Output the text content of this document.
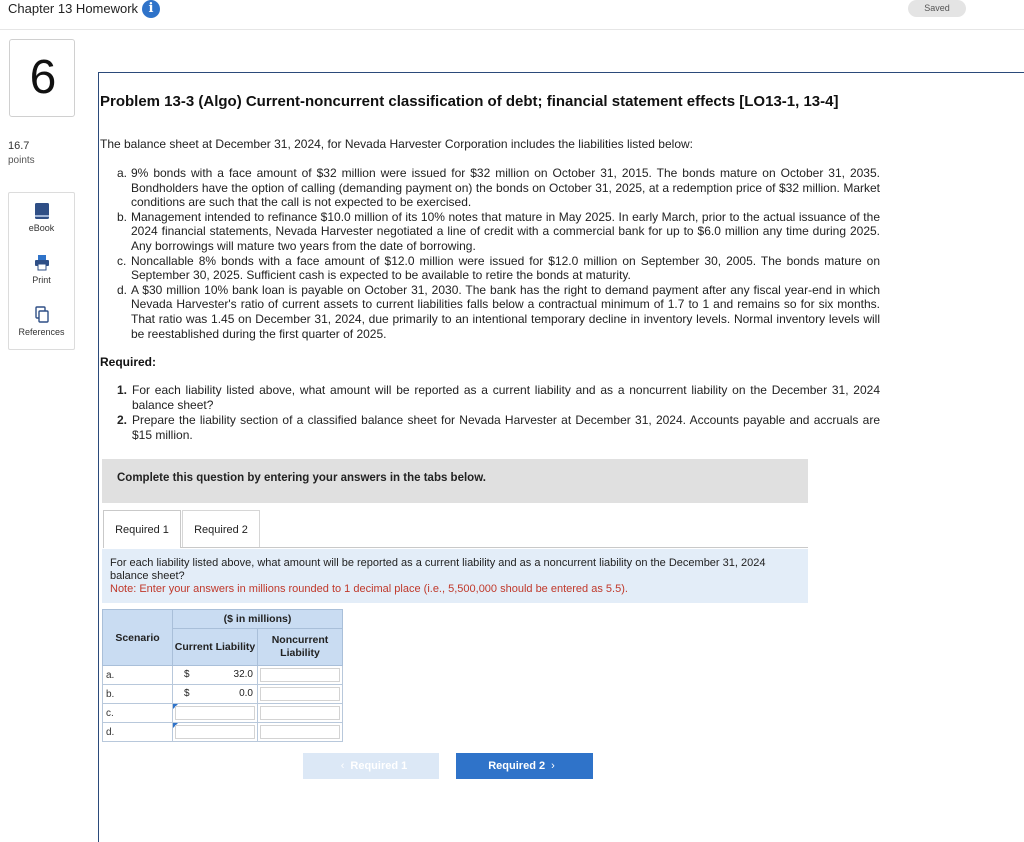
Chapter 13 Homework i	Saved
6
16.7
points
eBook
Print
References
Problem 13-3 (Algo) Current-noncurrent classification of debt; financial statement effects [LO13-1, 13-4]

The balance sheet at December 31, 2024, for Nevada Harvester Corporation includes the liabilities listed below:

a. 9% bonds with a face amount of $32 million were issued for $32 million on October 31, 2015. The bonds mature on October 31, 2035. Bondholders have the option of calling (demanding payment on) the bonds on October 31, 2025, at a redemption price of $32 million. Market conditions are such that the call is not expected to be exercised.
b. Management intended to refinance $10.0 million of its 10% notes that mature in May 2025. In early March, prior to the actual issuance of the 2024 financial statements, Nevada Harvester negotiated a line of credit with a commercial bank for up to $6.0 million any time during 2025. Any borrowings will mature two years from the date of borrowing.
c. Noncallable 8% bonds with a face amount of $12.0 million were issued for $12.0 million on September 30, 2005. The bonds mature on September 30, 2025. Sufficient cash is expected to be available to retire the bonds at maturity.
d. A $30 million 10% bank loan is payable on October 31, 2030. The bank has the right to demand payment after any fiscal year-end in which Nevada Harvester's ratio of current assets to current liabilities falls below a contractual minimum of 1.7 to 1 and remains so for six months. That ratio was 1.45 on December 31, 2024, due primarily to an intentional temporary decline in inventory levels. Normal inventory levels will be reestablished during the first quarter of 2025.
Required:
1. For each liability listed above, what amount will be reported as a current liability and as a noncurrent liability on the December 31, 2024 balance sheet?
2. Prepare the liability section of a classified balance sheet for Nevada Harvester at December 31, 2024. Accounts payable and accruals are $15 million.
Complete this question by entering your answers in the tabs below.
Required 1	Required 2
For each liability listed above, what amount will be reported as a current liability and as a noncurrent liability on the December 31, 2024 balance sheet?
Note: Enter your answers in millions rounded to 1 decimal place (i.e., 5,500,000 should be entered as 5.5).
Scenario	($ in millions)	
	Current Liability	Noncurrent Liability
a.	$ 32.0	

b.	$ 0.0	

c.	

d.	

‹ Required 1	Required 2 ›
